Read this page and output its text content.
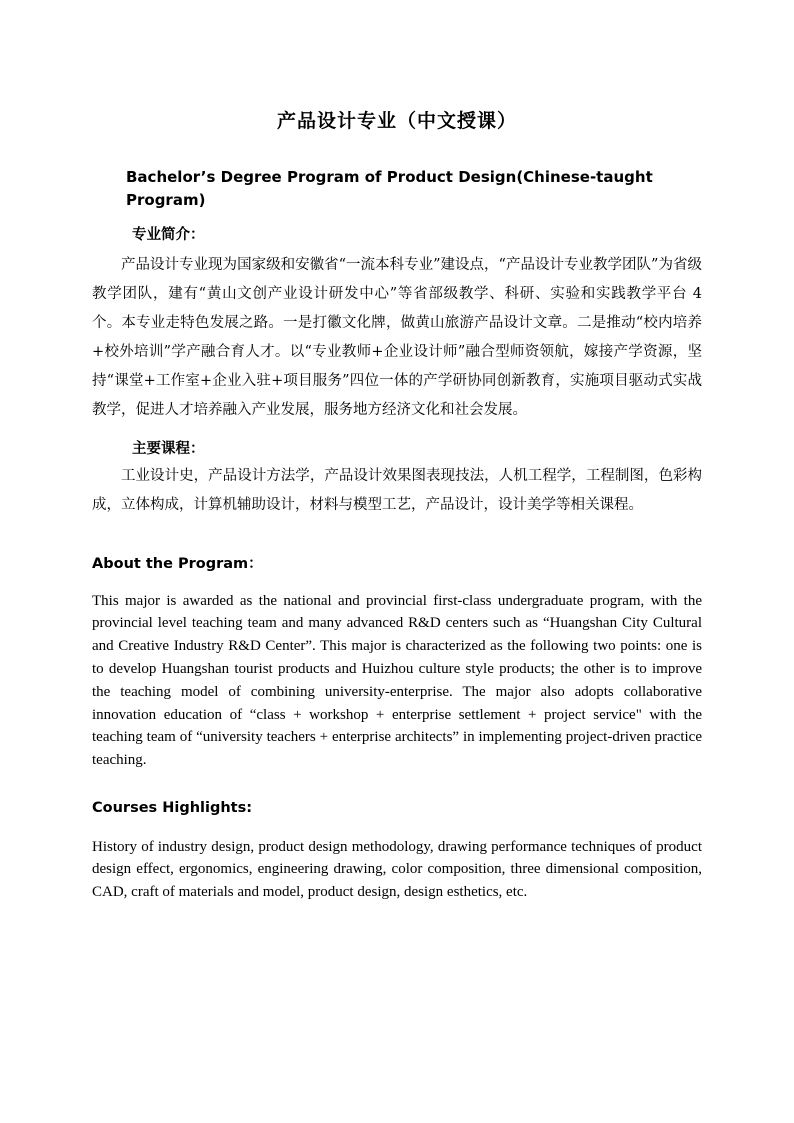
产品设计专业（中文授课）
Bachelor’s Degree Program of Product Design(Chinese-taught Program)
专业简介：

产品设计专业现为国家级和安徽省“一流本科专业”建设点，“产品设计专业教学团队”为省级教学团队，建有“黄山文创产业设计研发中心”等省部级教学、科研、实验和实践教学平台 4 个。本专业走特色发展之路。一是打徽文化牌，做黄山旅游产品设计文章。二是推动“校内培养+校外培训”学产融合育人才。以“专业教师+企业设计师”融合型师资领航，嫁接产学资源，坚持“课堂+工作室+企业入驻+项目服务”四位一体的产学研协同创新教育，实施项目驱动式实战教学，促进人才培养融入产业发展，服务地方经济文化和社会发展。

主要课程：

工业设计史，产品设计方法学，产品设计效果图表现技法，人机工程学，工程制图，色彩构成，立体构成，计算机辅助设计，材料与模型工艺，产品设计，设计美学等相关课程。

About the Program：

This major is awarded as the national and provincial first-class undergraduate program, with the provincial level teaching team and many advanced R&D centers such as “Huangshan City Cultural and Creative Industry R&D Center”. This major is characterized as the following two points: one is to develop Huangshan tourist products and Huizhou culture style products; the other is to improve the teaching model of combining university-enterprise. The major also adopts collaborative innovation education of “class + workshop + enterprise settlement + project service" with the teaching team of “university teachers + enterprise architects” in implementing project-driven practice teaching.

Courses Highlights:

History of industry design, product design methodology, drawing performance techniques of product design effect, ergonomics, engineering drawing, color composition, three dimensional composition, CAD, craft of materials and model, product design, design esthetics, etc.
